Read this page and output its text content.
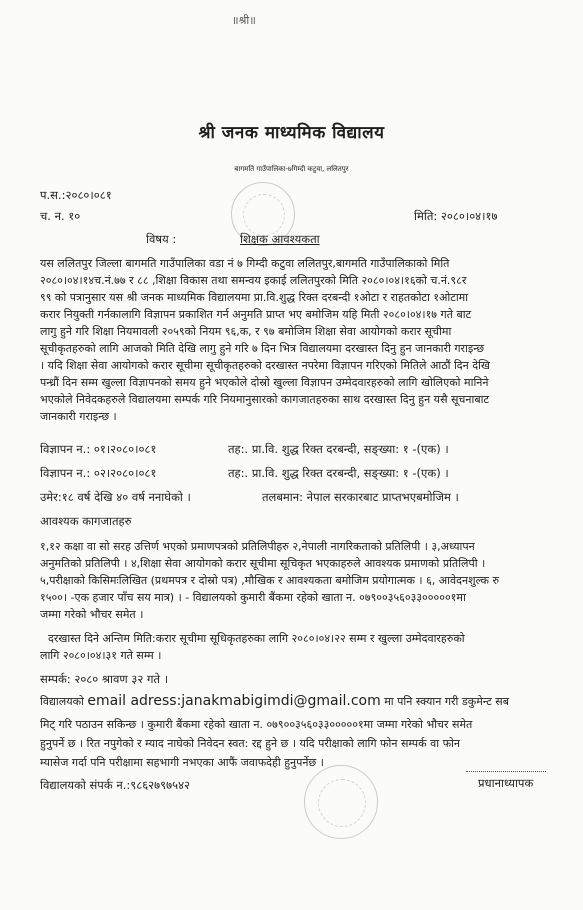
॥श्री॥
श्री जनक माध्यमिक विद्यालय
बागमति गाउँपालिका-७गिम्दी कटुवा, ललितपुर
प.स.:२०८०।०८१
च. न. १०	मिति: २०८०।०४।१७
विषय :	शिक्षक आवश्यकता
यस ललितपुर जिल्ला बागमति गाउँपालिका वडा नं ७ गिम्दी कटुवा ललितपुर,बागमति गाउँपालिकाको मिति
२०८०।०४।१४च.नं.७७ र ८८ ,शिक्षा विकास तथा समन्वय इकाई ललितपुरको मिति २०८०।०४।१६को च.नं.९८र
९९ को पत्रानुसार यस श्री जनक माध्यमिक विद्यालयमा प्रा.वि.शुद्ध रिक्त दरबन्दी १ओटा र राहतकोटा १ओटामा
करार नियुक्ती गर्नकालागि विज्ञापन प्रकाशित गर्न अनुमति प्राप्त भए बमोजिम यहि मिती २०८०।०४।१७ गते बाट
लागु हुने गरि शिक्षा नियमावली २०५९को नियम ९६,क, र ९७ बमोजिम शिक्षा सेवा आयोगको करार सूचीमा
सूचीकृतहरुको लागि आजको मिति देखि लागु हुने गरि ७ दिन भित्र विद्यालयमा दरखास्त दिनु हुन जानकारी गराइन्छ
। यदि शिक्षा सेवा आयोगको करार सूचीमा सूचीकृतहरुको दरखास्त नपरेमा विज्ञापन गरिएको मितिले आठौं दिन देखि
पन्ध्रौं दिन सम्म खुल्ला विज्ञापनको समय हुने भएकोले दोस्रो खुल्ला विज्ञापन उम्मेदवारहरुको लागि खोलिएको मानिने
भएकोले निवेदकहरुले विद्यालयमा सम्पर्क गरि नियमानुसारको कागजातहरुका साथ दरखास्त दिनु हुन यसै सूचनाबाट
जानकारी गराइन्छ ।
विज्ञापन न.: ०१।२०८०।०८१	तह:. प्रा.वि. शुद्ध रिक्त दरबन्दी, सङ्ख्या: १ -(एक) ।
विज्ञापन न.: ०२।२०८०।०८१	तह:. प्रा.वि. शुद्ध रिक्त दरबन्दी, सङ्ख्या: १ -(एक) ।
उमेर:१८ वर्ष देखि ४० वर्ष ननाघेको ।	तलबमान: नेपाल सरकारबाट प्राप्तभएबमोजिम ।
आवश्यक कागजातहरु
१,१२ कक्षा वा सो सरह उत्तिर्ण भएको प्रमाणपत्रको प्रतिलिपीहरु २,नेपाली नागरिकताको प्रतिलिपी । ३,अध्यापन
अनुमतिको प्रतिलिपी । ४,शिक्षा सेवा आयोगको करार सूचीमा सूचिकृत भएकाहरुले आवश्यक प्रमाणको प्रतिलिपी ।
५,परीक्षाको किसिमःलिखित (प्रथमपत्र र दोस्रो पत्र) ,मौखिक र आवश्यकता बमोजिम प्रयोगात्मक । ६, आवेदनशुल्क रु
१५००। -एक हजार पाँच सय मात्र) । - विद्यालयको कुमारी बैंकमा रहेको खाता न. ०७९००३५६०३३०००००१मा
जम्मा गरेको भौचर समेत ।
दरखास्त दिने अन्तिम मिति:करार सूचीमा सूधिकृतहरुका लागि २०८०।०४।२२ सम्म र खुल्ला उम्मेदवारहरुको
लागि २०८०।०४।३१ गते सम्म ।
सम्पर्क: २०८० श्रावण ३२ गते ।
विद्यालयको email adress:janakmabigimdi@gmail.com मा पनि स्क्यान गरी डकुमेन्ट सब
मिट् गरि पठाउन सकिन्छ । कुमारी बैंकमा रहेको खाता न. ०७९००३५६०३३०००००१मा जम्मा गरेको भौचर समेत
हुनुपर्ने छ । रित नपुगेको र म्याद नाघेको निवेदन स्वत: रद्द हुने छ । यदि परीक्षाको लागि फोन सम्पर्क वा फोन
म्यासेज गर्दा पनि परीक्षामा सहभागी नभएका आफैं जवाफदेही हुनुपर्नेछ ।
प्रधानाध्यापक
विद्यालयको संपर्क न.:९८६२७९७५४२
